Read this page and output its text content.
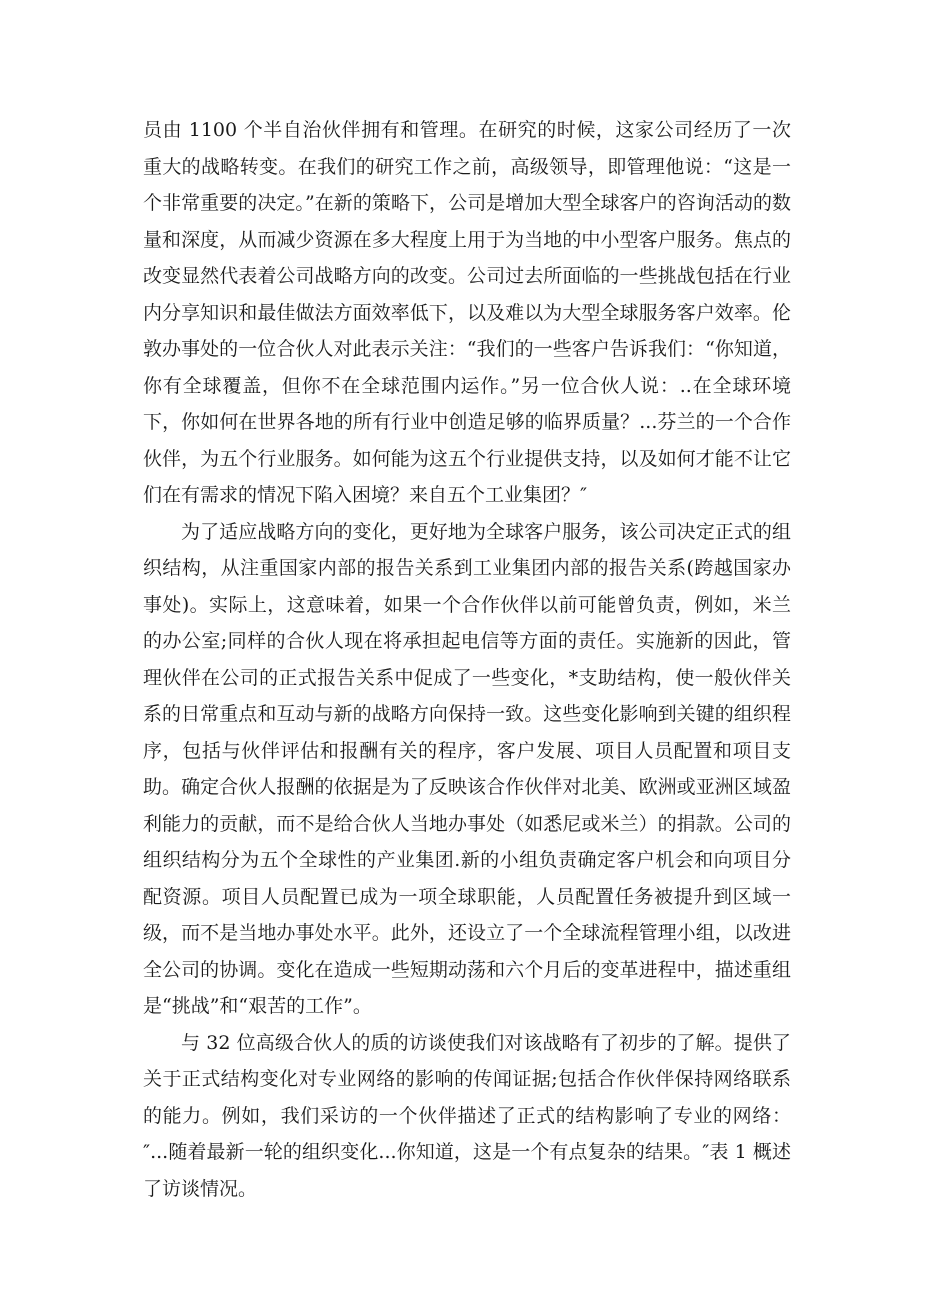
员由 1100 个半自治伙伴拥有和管理。在研究的时候，这家公司经历了一次重大的战略转变。在我们的研究工作之前，高级领导，即管理他说：“这是一个非常重要的决定。”在新的策略下，公司是增加大型全球客户的咨询活动的数量和深度，从而减少资源在多大程度上用于为当地的中小型客户服务。焦点的改变显然代表着公司战略方向的改变。公司过去所面临的一些挑战包括在行业内分享知识和最佳做法方面效率低下，以及难以为大型全球服务客户效率。伦敦办事处的一位合伙人对此表示关注：“我们的一些客户告诉我们：“你知道，你有全球覆盖，但你不在全球范围内运作。”另一位合伙人说：..在全球环境下，你如何在世界各地的所有行业中创造足够的临界质量？...芬兰的一个合作伙伴，为五个行业服务。如何能为这五个行业提供支持，以及如何才能不让它们在有需求的情况下陷入困境？来自五个工业集团？″

为了适应战略方向的变化，更好地为全球客户服务，该公司决定正式的组织结构，从注重国家内部的报告关系到工业集团内部的报告关系(跨越国家办事处)。实际上，这意味着，如果一个合作伙伴以前可能曾负责，例如，米兰的办公室;同样的合伙人现在将承担起电信等方面的责任。实施新的因此，管理伙伴在公司的正式报告关系中促成了一些变化，*支助结构，使一般伙伴关系的日常重点和互动与新的战略方向保持一致。这些变化影响到关键的组织程序，包括与伙伴评估和报酬有关的程序，客户发展、项目人员配置和项目支助。确定合伙人报酬的依据是为了反映该合作伙伴对北美、欧洲或亚洲区域盈利能力的贡献，而不是给合伙人当地办事处（如悉尼或米兰）的捐款。公司的组织结构分为五个全球性的产业集团.新的小组负责确定客户机会和向项目分配资源。项目人员配置已成为一项全球职能，人员配置任务被提升到区域一级，而不是当地办事处水平。此外，还设立了一个全球流程管理小组，以改进全公司的协调。变化在造成一些短期动荡和六个月后的变革进程中，描述重组是“挑战”和“艰苦的工作”。

与 32 位高级合伙人的质的访谈使我们对该战略有了初步的了解。提供了关于正式结构变化对专业网络的影响的传闻证据;包括合作伙伴保持网络联系的能力。例如，我们采访的一个伙伴描述了正式的结构影响了专业的网络：″...随着最新一轮的组织变化...你知道，这是一个有点复杂的结果。″表 1 概述了访谈情况。
